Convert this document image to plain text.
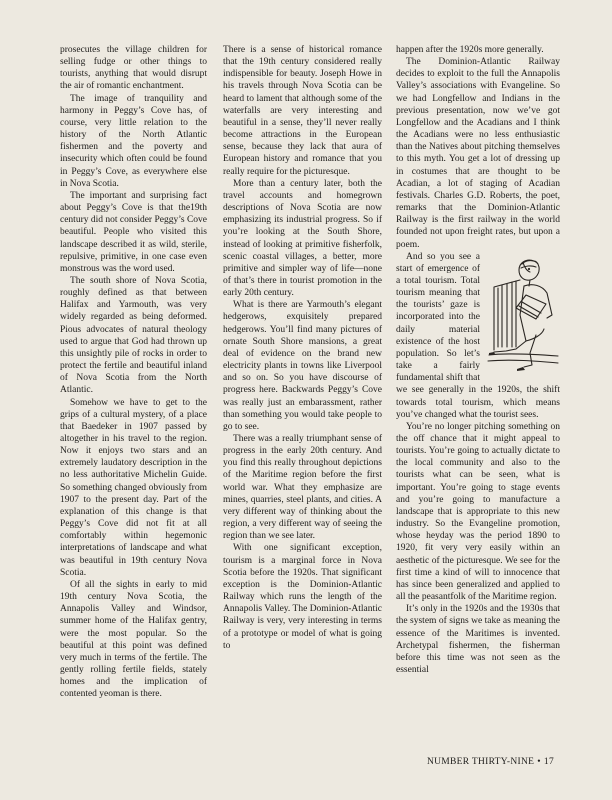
prosecutes the village children for selling fudge or other things to tourists, anything that would disrupt the air of romantic enchantment.

The image of tranquility and harmony in Peggy’s Cove has, of course, very little relation to the history of the North Atlantic fishermen and the poverty and insecurity which often could be found in Peggy’s Cove, as everywhere else in Nova Scotia.

The important and surprising fact about Peggy’s Cove is that the19th century did not consider Peggy’s Cove beautiful. People who visited this landscape described it as wild, sterile, repulsive, primitive, in one case even monstrous was the word used.

The south shore of Nova Scotia, roughly defined as that between Halifax and Yarmouth, was very widely regarded as being deformed. Pious advocates of natural theology used to argue that God had thrown up this unsightly pile of rocks in order to protect the fertile and beautiful inland of Nova Scotia from the North Atlantic.

Somehow we have to get to the grips of a cultural mystery, of a place that Baedeker in 1907 passed by altogether in his travel to the region. Now it enjoys two stars and an extremely laudatory description in the no less authoritative Michelin Guide. So something changed obviously from 1907 to the present day. Part of the explanation of this change is that Peggy’s Cove did not fit at all comfortably within hegemonic interpretations of landscape and what was beautiful in 19th century Nova Scotia.

Of all the sights in early to mid 19th century Nova Scotia, the Annapolis Valley and Windsor, summer home of the Halifax gentry, were the most popular. So the beautiful at this point was defined very much in terms of the fertile. The gently rolling fertile fields, stately homes and the implication of contented yeoman is there.

There is a sense of historical romance that the 19th century considered really indispensible for beauty. Joseph Howe in his travels through Nova Scotia can be heard to lament that although some of the waterfalls are very interesting and beautiful in a sense, they’ll never really become attractions in the European sense, because they lack that aura of European history and romance that you really require for the picturesque.

More than a century later, both the travel accounts and homegrown descriptions of Nova Scotia are now emphasizing its industrial progress. So if you’re looking at the South Shore, instead of looking at primitive fisherfolk, scenic coastal villages, a better, more primitive and simpler way of life—none of that’s there in tourist promotion in the early 20th century.

What is there are Yarmouth’s elegant hedgerows, exquisitely prepared hedgerows. You’ll find many pictures of ornate South Shore mansions, a great deal of evidence on the brand new electricity plants in towns like Liverpool and so on. So you have discourse of progress here. Backwards Peggy’s Cove was really just an embarassment, rather than something you would take people to go to see.

There was a really triumphant sense of progress in the early 20th century. And you find this really throughout depictions of the Maritime region before the first world war. What they emphasize are mines, quarries, steel plants, and cities. A very different way of thinking about the region, a very different way of seeing the region than we see later.

With one significant exception, tourism is a marginal force in Nova Scotia before the 1920s. That significant exception is the Dominion-Atlantic Railway which runs the length of the Annapolis Valley. The Dominion-Atlantic Railway is very, very interesting in terms of a prototype or model of what is going to

happen after the 1920s more generally.

The Dominion-Atlantic Railway decides to exploit to the full the Annapolis Valley’s associations with Evangeline. So we had Longfellow and Indians in the previous presentation, now we’ve got Longfellow and the Acadians and I think the Acadians were no less enthusiastic than the Natives about pitching themselves to this myth. You get a lot of dressing up in costumes that are thought to be Acadian, a lot of staging of Acadian festivals. Charles G.D. Roberts, the poet, remarks that the Dominion-Atlantic Railway is the first railway in the world founded not upon freight rates, but upon a poem.

And so you see a start of emergence of a total tourism. Total tourism meaning that the tourists’ gaze is incorporated into the daily material existence of the host population. So let’s take a fairly fundamental shift that we see generally in the 1920s, the shift towards total tourism, which means you’ve changed what the tourist sees.

You’re no longer pitching something on the off chance that it might appeal to tourists. You’re going to actually dictate to the local community and also to the tourists what can be seen, what is important. You’re going to stage events and you’re going to manufacture a landscape that is appropriate to this new industry. So the Evangeline promotion, whose heyday was the period 1890 to 1920, fit very very easily within an aesthetic of the picturesque. We see for the first time a kind of will to innocence that has since been generalized and applied to all the peasantfolk of the Maritime region.

It’s only in the 1920s and the 1930s that the system of signs we take as meaning the essence of the Maritimes is invented. Archetypal fishermen, the fisherman before this time was not seen as the essential

NUMBER THIRTY-NINE • 17
